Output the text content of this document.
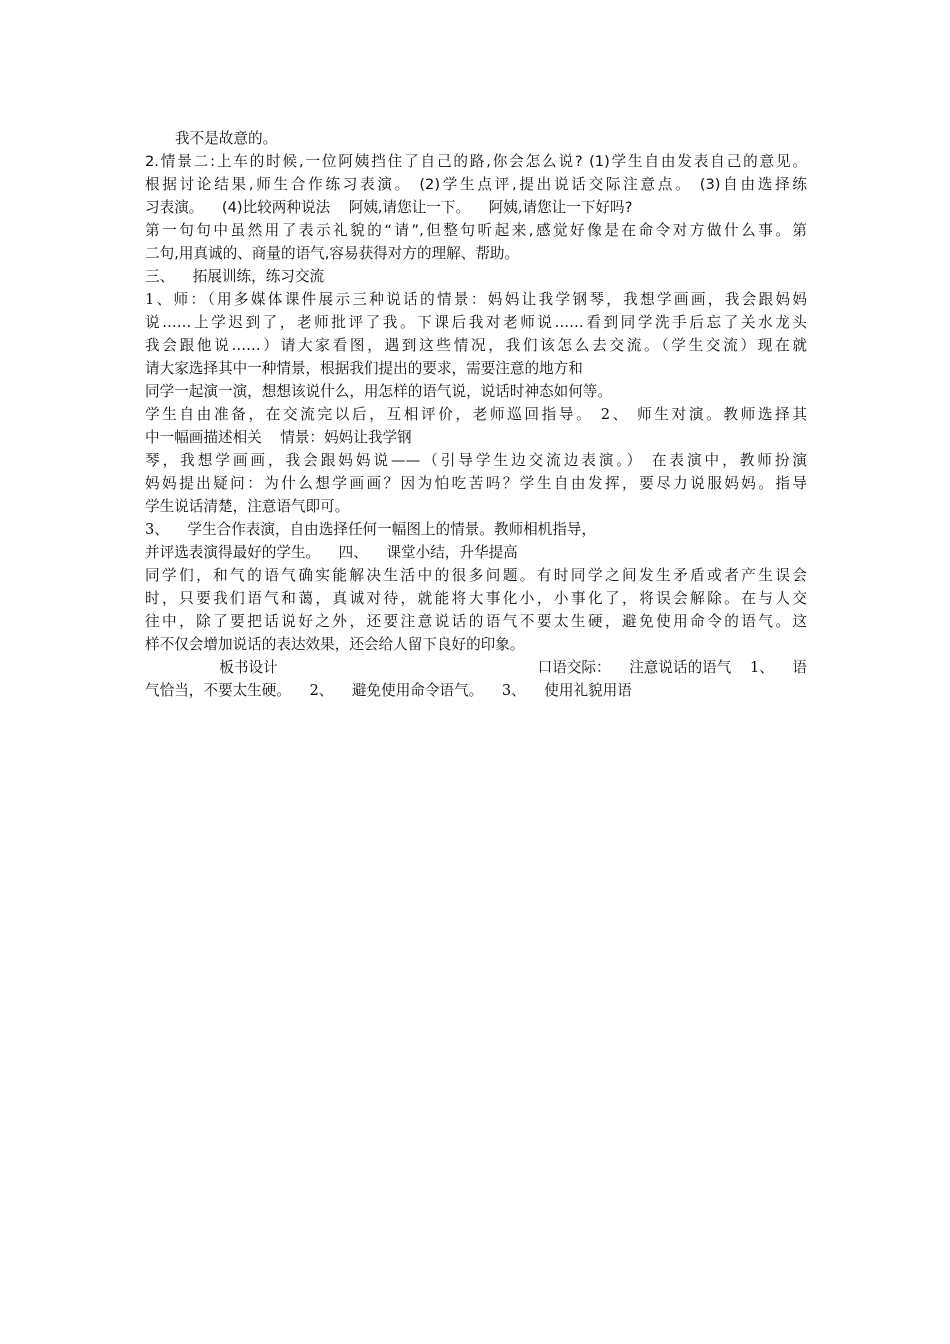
我不是故意的。
2.情景二:上车的时候,一位阿姨挡住了自己的路,你会怎么说? (1)学生自由发表自己的意见。
根据讨论结果,师生合作练习表演。 (2)学生点评,提出说话交际注意点。 (3)自由选择练
习表演。    (4)比较两种说法    阿姨,请您让一下。    阿姨,请您让一下好吗?
第一句句中虽然用了表示礼貌的“请”,但整句听起来,感觉好像是在命令对方做什么事。第
二句,用真诚的、商量的语气,容易获得对方的理解、帮助。
三、    拓展训练，练习交流
1、师：（用多媒体课件展示三种说话的情景：妈妈让我学钢琴，我想学画画，我会跟妈妈
说……上学迟到了，老师批评了我。下课后我对老师说……看到同学洗手后忘了关水龙头
我会跟他说……）请大家看图，遇到这些情况，我们该怎么去交流。（学生交流）现在就
请大家选择其中一种情景，根据我们提出的要求，需要注意的地方和
同学一起演一演，想想该说什么，用怎样的语气说，说话时神态如何等。
学生自由准备，在交流完以后，互相评价，老师巡回指导。 2、 师生对演。教师选择其
中一幅画描述相关    情景：妈妈让我学钢
琴，我想学画画，我会跟妈妈说——（引导学生边交流边表演。） 在表演中，教师扮演
妈妈提出疑问：为什么想学画画？因为怕吃苦吗？学生自由发挥，要尽力说服妈妈。指导
学生说话清楚，注意语气即可。
3、    学生合作表演，自由选择任何一幅图上的情景。教师相机指导，
并评选表演得最好的学生。    四、    课堂小结，升华提高
同学们，和气的语气确实能解决生活中的很多问题。有时同学之间发生矛盾或者产生误会
时，只要我们语气和蔼，真诚对待，就能将大事化小，小事化了，将误会解除。在与人交
往中，除了要把话说好之外，还要注意说话的语气不要太生硬，避免使用命令的语气。这
样不仅会增加说话的表达效果，还会给人留下良好的印象。
板书设计                                                        口语交际：    注意说话的语气    1、    语
气恰当，不要太生硬。    2、    避免使用命令语气。    3、    使用礼貌用语
